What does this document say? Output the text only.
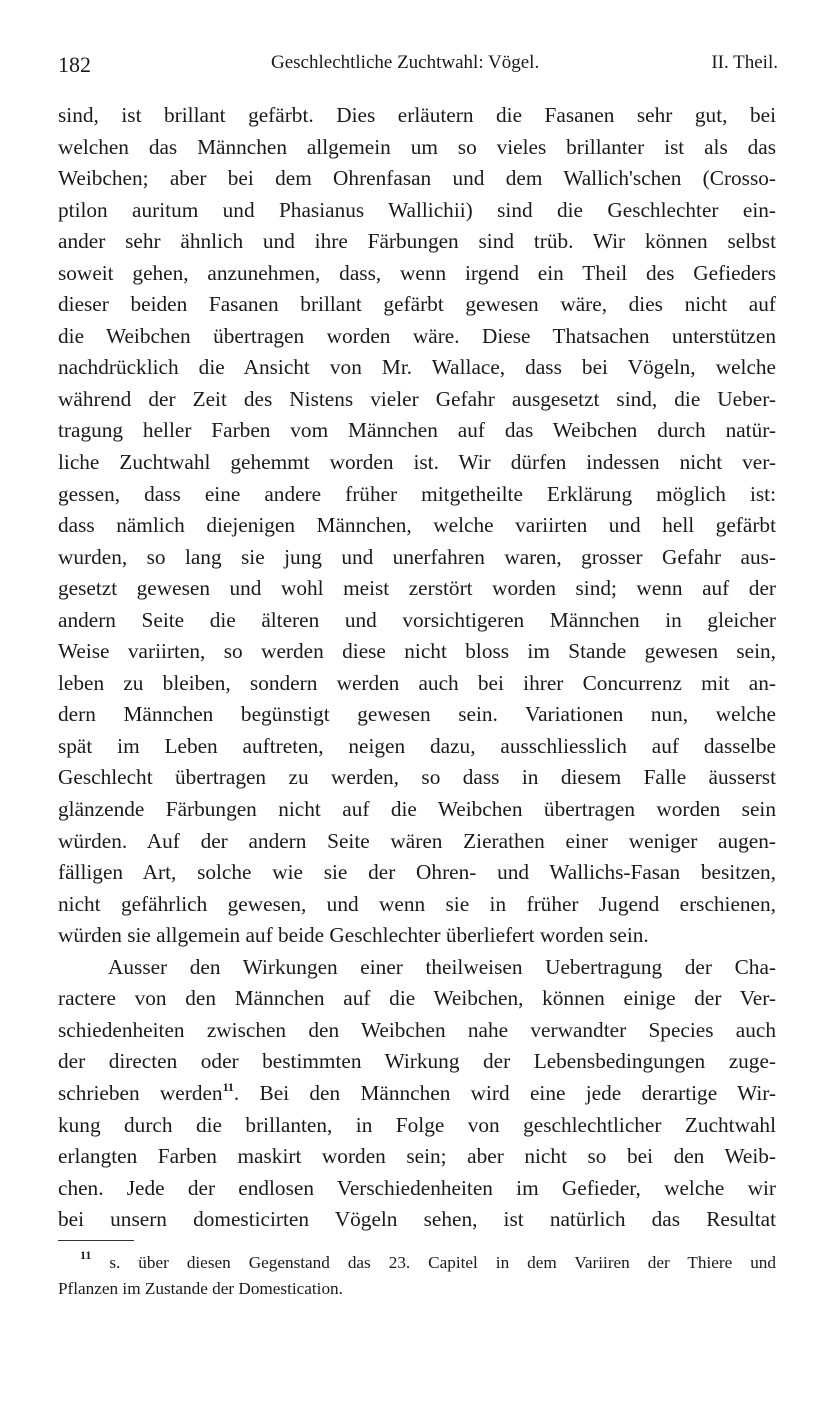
182	Geschlechtliche Zuchtwahl: Vögel.	II. Theil.
sind, ist brillant gefärbt. Dies erläutern die Fasanen sehr gut, bei
welchen das Männchen allgemein um so vieles brillanter ist als das
Weibchen; aber bei dem Ohrenfasan und dem Wallich'schen (Crosso-
ptilon auritum und Phasianus Wallichii) sind die Geschlechter ein-
ander sehr ähnlich und ihre Färbungen sind trüb. Wir können selbst
soweit gehen, anzunehmen, dass, wenn irgend ein Theil des Gefieders
dieser beiden Fasanen brillant gefärbt gewesen wäre, dies nicht auf
die Weibchen übertragen worden wäre. Diese Thatsachen unterstützen
nachdrücklich die Ansicht von Mr. Wallace, dass bei Vögeln, welche
während der Zeit des Nistens vieler Gefahr ausgesetzt sind, die Ueber-
tragung heller Farben vom Männchen auf das Weibchen durch natür-
liche Zuchtwahl gehemmt worden ist. Wir dürfen indessen nicht ver-
gessen, dass eine andere früher mitgetheilte Erklärung möglich ist:
dass nämlich diejenigen Männchen, welche variirten und hell gefärbt
wurden, so lang sie jung und unerfahren waren, grosser Gefahr aus-
gesetzt gewesen und wohl meist zerstört worden sind; wenn auf der
andern Seite die älteren und vorsichtigeren Männchen in gleicher
Weise variirten, so werden diese nicht bloss im Stande gewesen sein,
leben zu bleiben, sondern werden auch bei ihrer Concurrenz mit an-
dern Männchen begünstigt gewesen sein. Variationen nun, welche
spät im Leben auftreten, neigen dazu, ausschliesslich auf dasselbe
Geschlecht übertragen zu werden, so dass in diesem Falle äusserst
glänzende Färbungen nicht auf die Weibchen übertragen worden sein
würden. Auf der andern Seite wären Zierathen einer weniger augen-
fälligen Art, solche wie sie der Ohren- und Wallichs-Fasan besitzen,
nicht gefährlich gewesen, und wenn sie in früher Jugend erschienen,
würden sie allgemein auf beide Geschlechter überliefert worden sein.
Ausser den Wirkungen einer theilweisen Uebertragung der Cha-
ractere von den Männchen auf die Weibchen, können einige der Ver-
schiedenheiten zwischen den Weibchen nahe verwandter Species auch
der directen oder bestimmten Wirkung der Lebensbedingungen zuge-
schrieben werden$^{11}$. Bei den Männchen wird eine jede derartige Wir-
kung durch die brillanten, in Folge von geschlechtlicher Zuchtwahl
erlangten Farben maskirt worden sein; aber nicht so bei den Weib-
chen. Jede der endlosen Verschiedenheiten im Gefieder, welche wir
bei unsern domesticirten Vögeln sehen, ist natürlich das Resultat
$^{11}$ s. über diesen Gegenstand das 23. Capitel in dem Variiren der Thiere und
Pflanzen im Zustande der Domestication.
